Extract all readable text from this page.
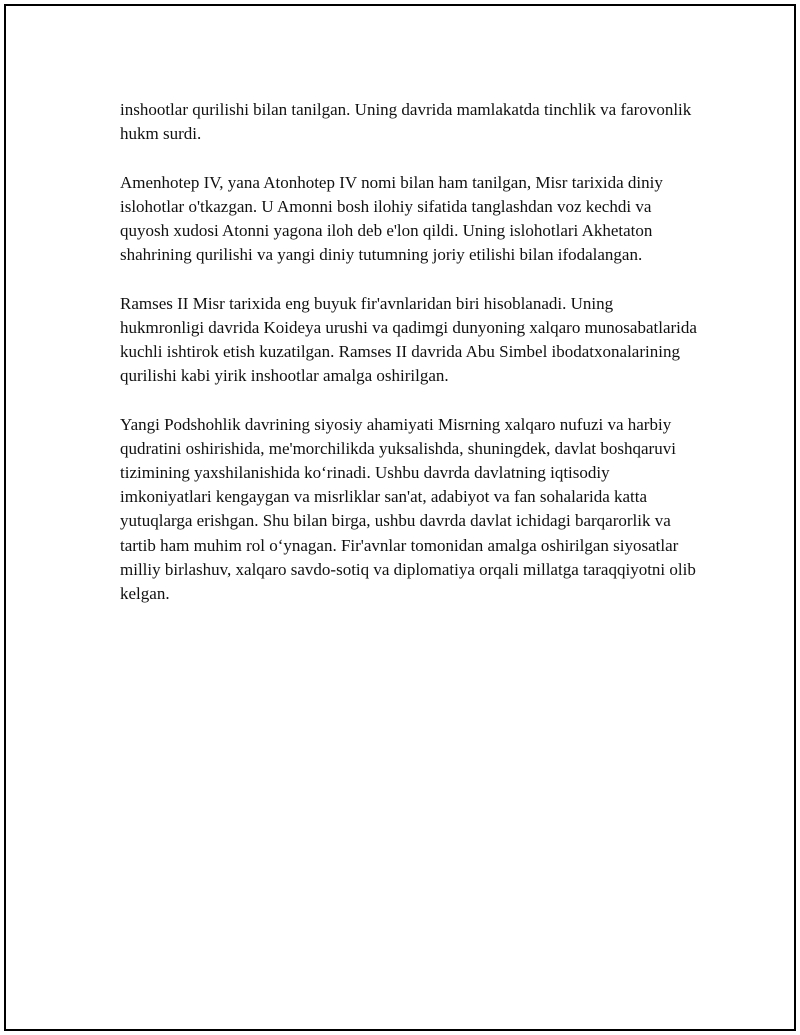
inshootlar qurilishi bilan tanilgan. Uning davrida mamlakatda tinchlik va farovonlik hukm surdi.

Amenhotep IV, yana Atonhotep IV nomi bilan ham tanilgan, Misr tarixida diniy islohotlar o'tkazgan. U Amonni bosh ilohiy sifatida tanglashdan voz kechdi va quyosh xudosi Atonni yagona iloh deb e'lon qildi. Uning islohotlari Akhetaton shahrining qurilishi va yangi diniy tutumning joriy etilishi bilan ifodalangan.

Ramses II Misr tarixida eng buyuk fir'avnlaridan biri hisoblanadi. Uning hukmronligi davrida Koideya urushi va qadimgi dunyoning xalqaro munosabatlarida kuchli ishtirok etish kuzatilgan. Ramses II davrida Abu Simbel ibodatxonalarining qurilishi kabi yirik inshootlar amalga oshirilgan.

Yangi Podshohlik davrining siyosiy ahamiyati Misrning xalqaro nufuzi va harbiy qudratini oshirishida, me'morchilikda yuksalishda, shuningdek, davlat boshqaruvi tizimining yaxshilanishida ko‘rinadi. Ushbu davrda davlatning iqtisodiy imkoniyatlari kengaygan va misrliklar san'at, adabiyot va fan sohalarida katta yutuqlarga erishgan. Shu bilan birga, ushbu davrda davlat ichidagi barqarorlik va tartib ham muhim rol o‘ynagan. Fir'avnlar tomonidan amalga oshirilgan siyosatlar milliy birlashuv, xalqaro savdo-sotiq va diplomatiya orqali millatga taraqqiyotni olib kelgan.
